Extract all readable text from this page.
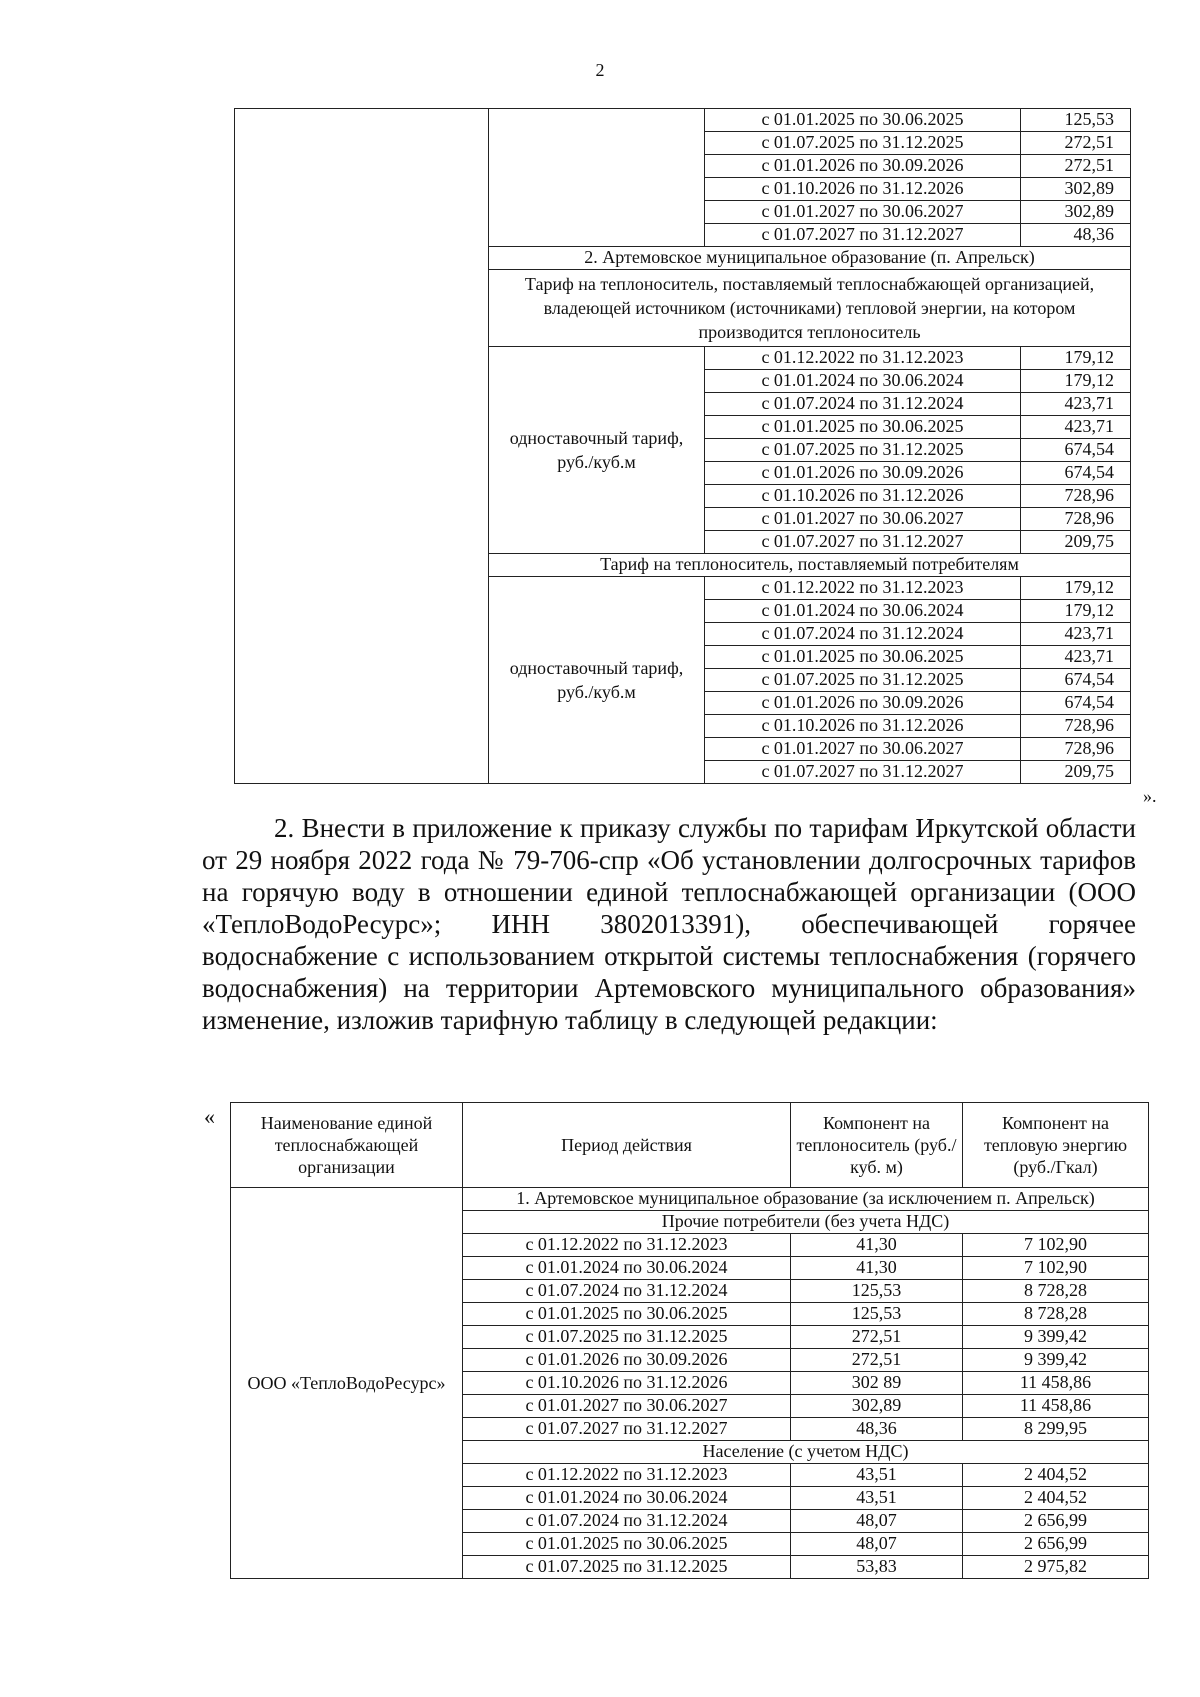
2
		с 01.01.2025 по 30.06.2025	125,53
		с 01.07.2025 по 31.12.2025	272,51
		с 01.01.2026 по 30.09.2026	272,51
		с 01.10.2026 по 31.12.2026	302,89
		с 01.01.2027 по 30.06.2027	302,89
		с 01.07.2027 по 31.12.2027	48,36
	2. Артемовское муниципальное образование (п. Апрельск)		
	Тариф на теплоноситель, поставляемый теплоснабжающей организацией, владеющей источником (источниками) тепловой энергии, на котором производится теплоноситель		
	одноставочный тариф, руб./куб.м	с 01.12.2022 по 31.12.2023	179,12
		с 01.01.2024 по 30.06.2024	179,12
		с 01.07.2024 по 31.12.2024	423,71
		с 01.01.2025 по 30.06.2025	423,71
		с 01.07.2025 по 31.12.2025	674,54
		с 01.01.2026 по 30.09.2026	674,54
		с 01.10.2026 по 31.12.2026	728,96
		с 01.01.2027 по 30.06.2027	728,96
		с 01.07.2027 по 31.12.2027	209,75
	Тариф на теплоноситель, поставляемый потребителям		
	одноставочный тариф, руб./куб.м	с 01.12.2022 по 31.12.2023	179,12
		с 01.01.2024 по 30.06.2024	179,12
		с 01.07.2024 по 31.12.2024	423,71
		с 01.01.2025 по 30.06.2025	423,71
		с 01.07.2025 по 31.12.2025	674,54
		с 01.01.2026 по 30.09.2026	674,54
		с 01.10.2026 по 31.12.2026	728,96
		с 01.01.2027 по 30.06.2027	728,96
		с 01.07.2027 по 31.12.2027	209,75
».
2. Внести в приложение к приказу службы по тарифам Иркутской области от 29 ноября 2022 года № 79-706-спр «Об установлении долгосрочных тарифов на горячую воду в отношении единой теплоснабжающей организации (ООО «ТеплоВодоРесурс»; ИНН 3802013391), обеспечивающей горячее водоснабжение с использованием открытой системы теплоснабжения (горячего водоснабжения) на территории Артемовского муниципального образования» изменение, изложив тарифную таблицу в следующей редакции:
«	Наименование единой теплоснабжающей организации	Период действия	Компонент на теплоноситель (руб./куб. м)	Компонент на тепловую энергию (руб./Гкал)
ООО «ТеплоВодоРесурс»	1. Артемовское муниципальное образование (за исключением п. Апрельск)		
	Прочие потребители (без учета НДС)		
	с 01.12.2022 по 31.12.2023	41,30	7 102,90
	с 01.01.2024 по 30.06.2024	41,30	7 102,90
	с 01.07.2024 по 31.12.2024	125,53	8 728,28
	с 01.01.2025 по 30.06.2025	125,53	8 728,28
	с 01.07.2025 по 31.12.2025	272,51	9 399,42
	с 01.01.2026 по 30.09.2026	272,51	9 399,42
	с 01.10.2026 по 31.12.2026	302 89	11 458,86
	с 01.01.2027 по 30.06.2027	302,89	11 458,86
	с 01.07.2027 по 31.12.2027	48,36	8 299,95
	Население (с учетом НДС)		
	с 01.12.2022 по 31.12.2023	43,51	2 404,52
	с 01.01.2024 по 30.06.2024	43,51	2 404,52
	с 01.07.2024 по 31.12.2024	48,07	2 656,99
	с 01.01.2025 по 30.06.2025	48,07	2 656,99
	с 01.07.2025 по 31.12.2025	53,83	2 975,82
